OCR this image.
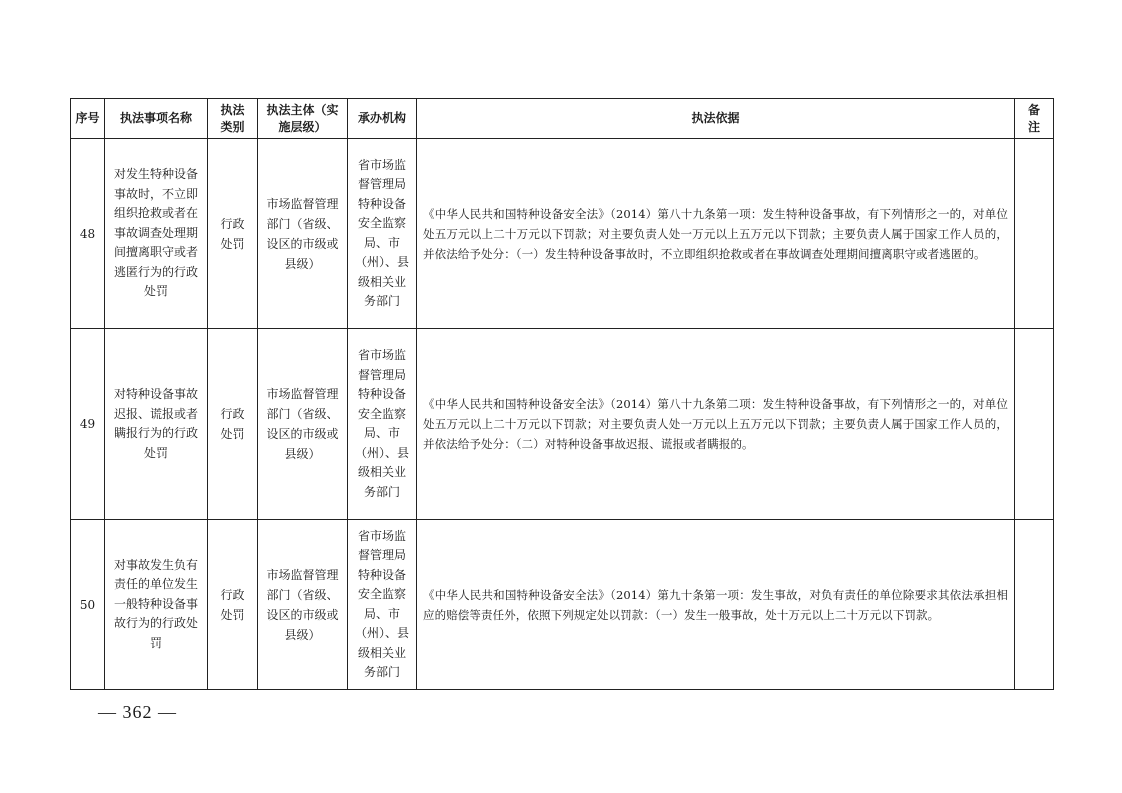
序号	执法事项名称	执法类别	执法主体（实施层级）	承办机构	执法依据	备注
48	对发生特种设备事故时，不立即组织抢救或者在事故调查处理期间擅离职守或者逃匿行为的行政处罚	行政处罚	市场监督管理部门（省级、设区的市级或县级）	省市场监督管理局特种设备安全监察局、市（州）、县级相关业务部门	《中华人民共和国特种设备安全法》（2014）第八十九条第一项：发生特种设备事故，有下列情形之一的，对单位处五万元以上二十万元以下罚款；对主要负责人处一万元以上五万元以下罚款；主要负责人属于国家工作人员的，并依法给予处分：（一）发生特种设备事故时，不立即组织抢救或者在事故调查处理期间擅离职守或者逃匿的。	
49	对特种设备事故迟报、谎报或者瞒报行为的行政处罚	行政处罚	市场监督管理部门（省级、设区的市级或县级）	省市场监督管理局特种设备安全监察局、市（州）、县级相关业务部门	《中华人民共和国特种设备安全法》（2014）第八十九条第二项：发生特种设备事故，有下列情形之一的，对单位处五万元以上二十万元以下罚款；对主要负责人处一万元以上五万元以下罚款；主要负责人属于国家工作人员的，并依法给予处分：（二）对特种设备事故迟报、谎报或者瞒报的。	
50	对事故发生负有责任的单位发生一般特种设备事故行为的行政处罚	行政处罚	市场监督管理部门（省级、设区的市级或县级）	省市场监督管理局特种设备安全监察局、市（州）、县级相关业务部门	《中华人民共和国特种设备安全法》（2014）第九十条第一项：发生事故，对负有责任的单位除要求其依法承担相应的赔偿等责任外，依照下列规定处以罚款：（一）发生一般事故，处十万元以上二十万元以下罚款。	
— 362 —
